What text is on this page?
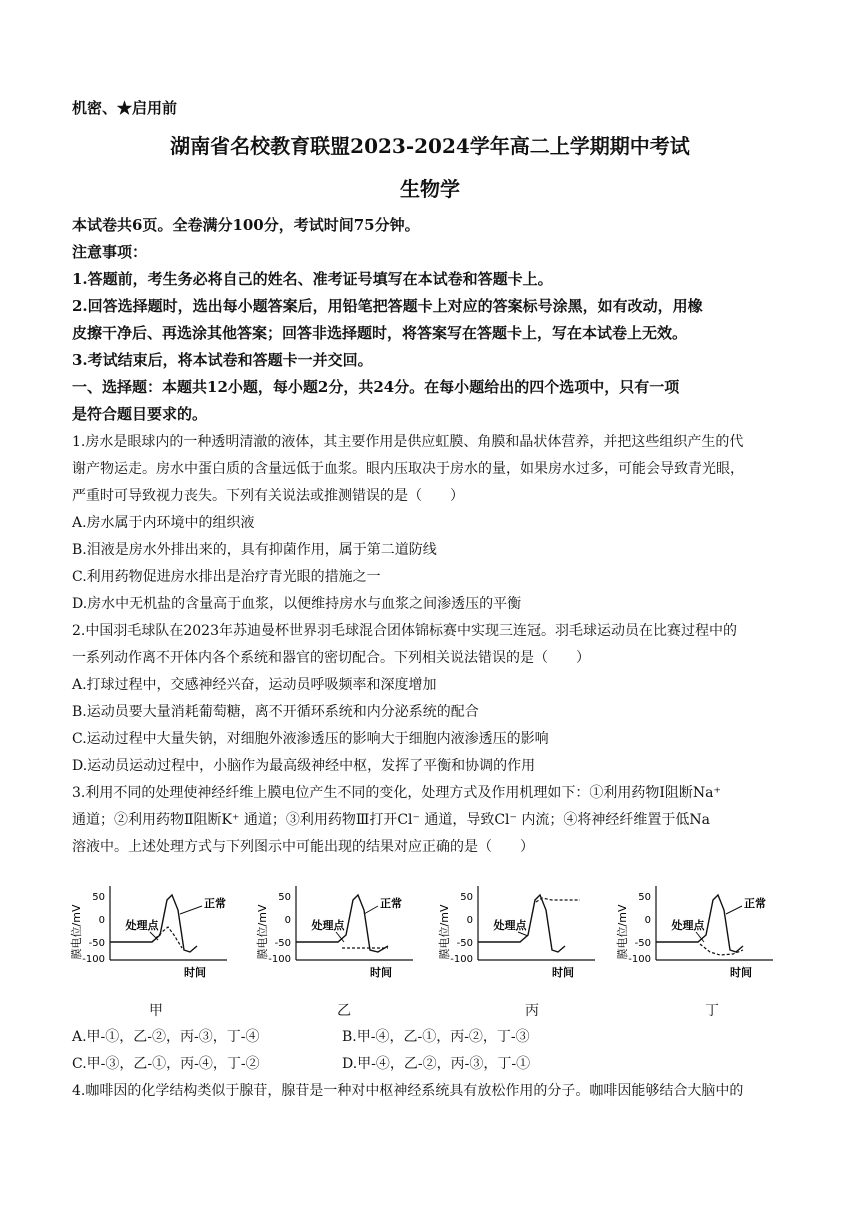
机密、★启用前
湖南省名校教育联盟2023-2024学年高二上学期期中考试
生物学
本试卷共6页。全卷满分100分，考试时间75分钟。
注意事项：
1.答题前，考生务必将自己的姓名、准考证号填写在本试卷和答题卡上。
2.回答选择题时，选出每小题答案后，用铅笔把答题卡上对应的答案标号涂黑，如有改动，用橡
皮擦干净后、再选涂其他答案；回答非选择题时，将答案写在答题卡上，写在本试卷上无效。
3.考试结束后，将本试卷和答题卡一并交回。
一、选择题：本题共12小题，每小题2分，共24分。在每小题给出的四个选项中，只有一项
是符合题目要求的。
1.房水是眼球内的一种透明清澈的液体，其主要作用是供应虹膜、角膜和晶状体营养，并把这些组织产生的代
谢产物运走。房水中蛋白质的含量远低于血浆。眼内压取决于房水的量，如果房水过多，可能会导致青光眼，
严重时可导致视力丧失。下列有关说法或推测错误的是（　　）
A.房水属于内环境中的组织液
B.泪液是房水外排出来的，具有抑菌作用，属于第二道防线
C.利用药物促进房水排出是治疗青光眼的措施之一
D.房水中无机盐的含量高于血浆，以便维持房水与血浆之间渗透压的平衡
2.中国羽毛球队在2023年苏迪曼杯世界羽毛球混合团体锦标赛中实现三连冠。羽毛球运动员在比赛过程中的
一系列动作离不开体内各个系统和器官的密切配合。下列相关说法错误的是（　　）
A.打球过程中，交感神经兴奋，运动员呼吸频率和深度增加
B.运动员要大量消耗葡萄糖，离不开循环系统和内分泌系统的配合
C.运动过程中大量失钠，对细胞外液渗透压的影响大于细胞内液渗透压的影响
D.运动员运动过程中，小脑作为最高级神经中枢，发挥了平衡和协调的作用
3.利用不同的处理使神经纤维上膜电位产生不同的变化，处理方式及作用机理如下：①利用药物Ⅰ阻断Na⁺
通道；②利用药物Ⅱ阻断K⁺ 通道；③利用药物Ⅲ打开Cl⁻ 通道，导致Cl⁻ 内流；④将神经纤维置于低Na
溶液中。上述处理方式与下列图示中可能出现的结果对应正确的是（　　）
膜电位/mV
50
0
-50
-100
处理点
正常
时间
膜电位/mV
50
0
-50
-100
处理点
正常
时间
膜电位/mV
50
0
-50
-100
处理点
时间
膜电位/mV
50
0
-50
-100
处理点
正常
时间
甲	乙	丙	丁
A.甲-①，乙-②，丙-③，丁-④	B.甲-④，乙-①，丙-②，丁-③
C.甲-③，乙-①，丙-④，丁-②	D.甲-④，乙-②，丙-③，丁-①
4.咖啡因的化学结构类似于腺苷，腺苷是一种对中枢神经系统具有放松作用的分子。咖啡因能够结合大脑中的
